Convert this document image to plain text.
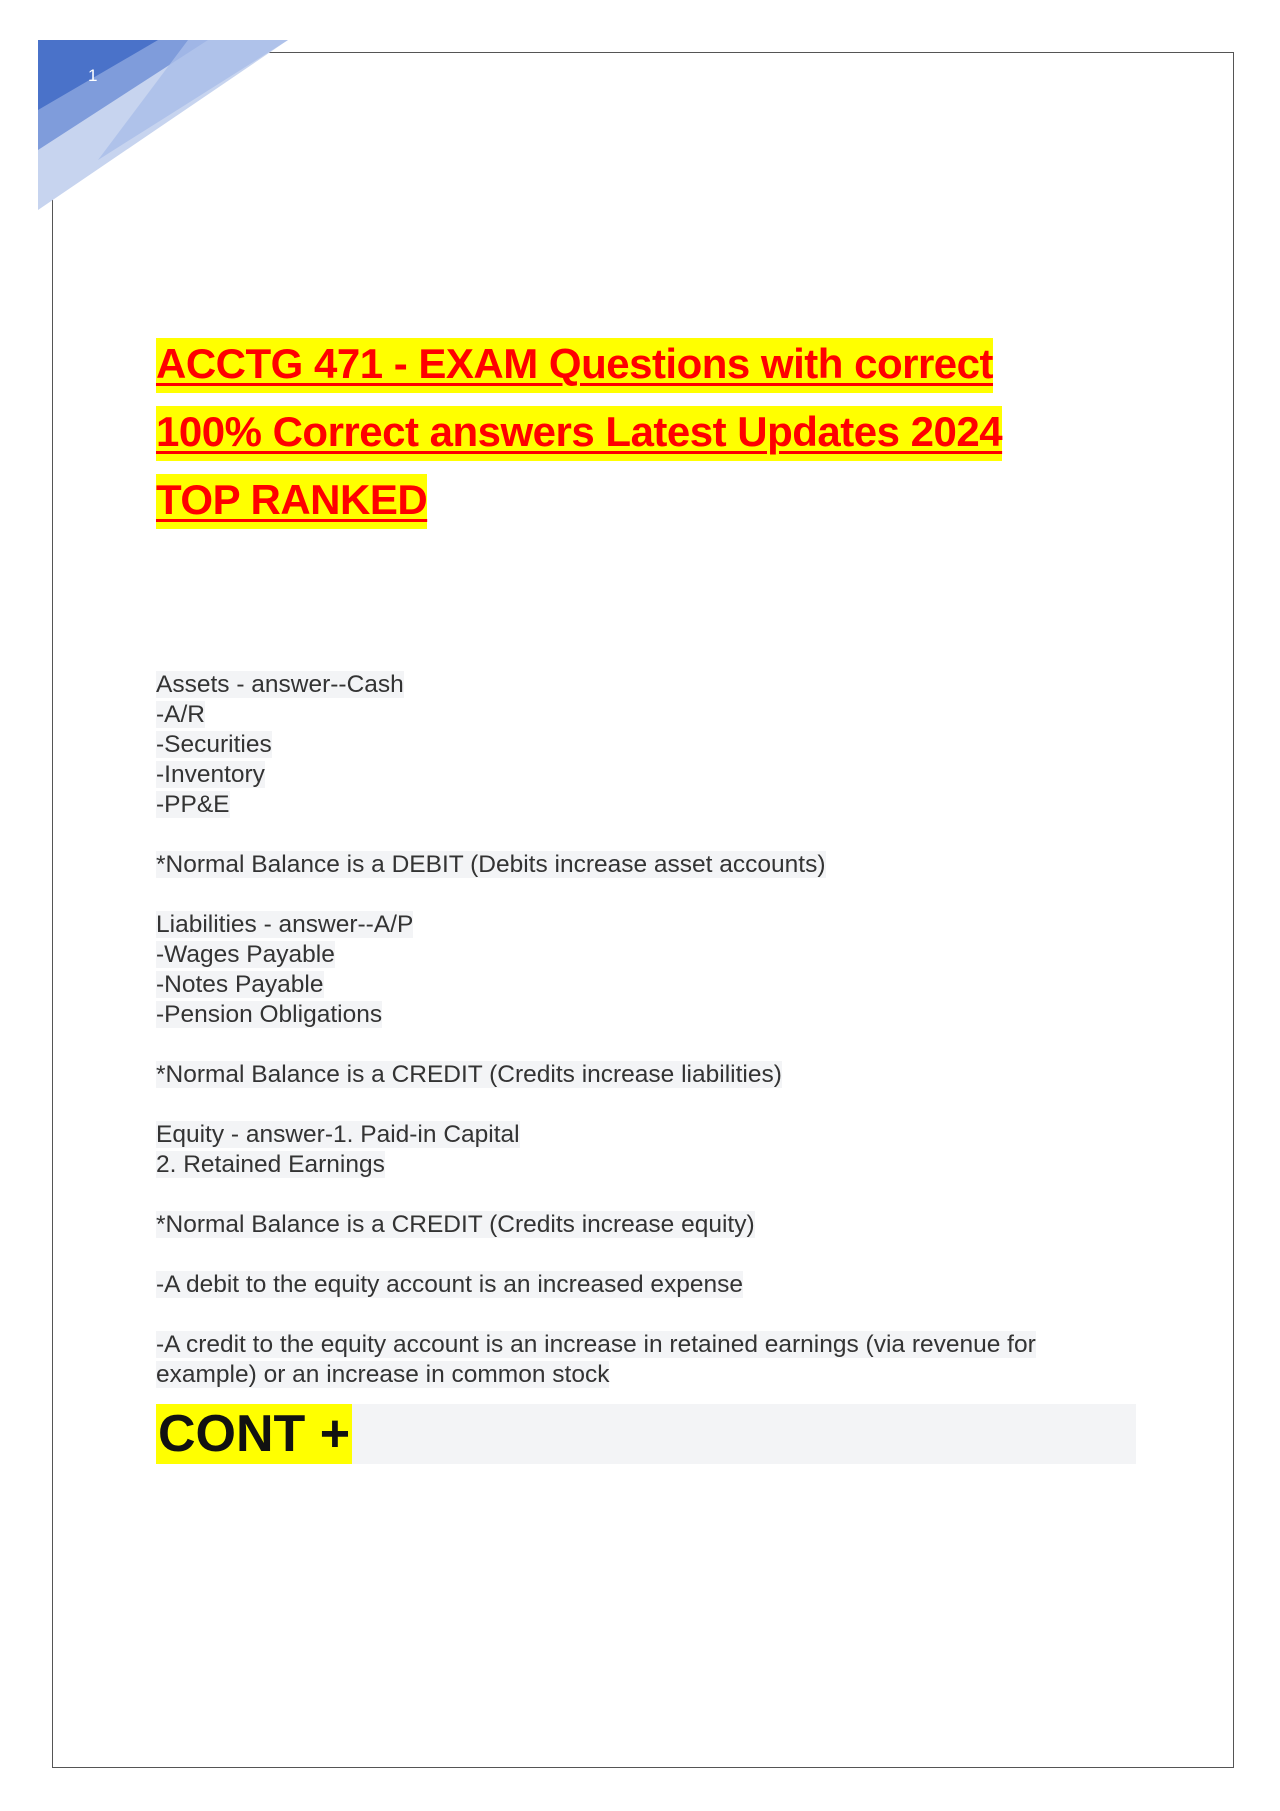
1
ACCTG 471 - EXAM Questions with correct
100% Correct answers Latest Updates 2024
TOP RANKED
Assets - answer--Cash
-A/R
-Securities
-Inventory
-PP&E
*Normal Balance is a DEBIT (Debits increase asset accounts)
Liabilities - answer--A/P
-Wages Payable
-Notes Payable
-Pension Obligations
*Normal Balance is a CREDIT (Credits increase liabilities)
Equity - answer-1. Paid-in Capital
2. Retained Earnings
*Normal Balance is a CREDIT (Credits increase equity)
-A debit to the equity account is an increased expense
-A credit to the equity account is an increase in retained earnings (via revenue for
example) or an increase in common stock
CONT +
